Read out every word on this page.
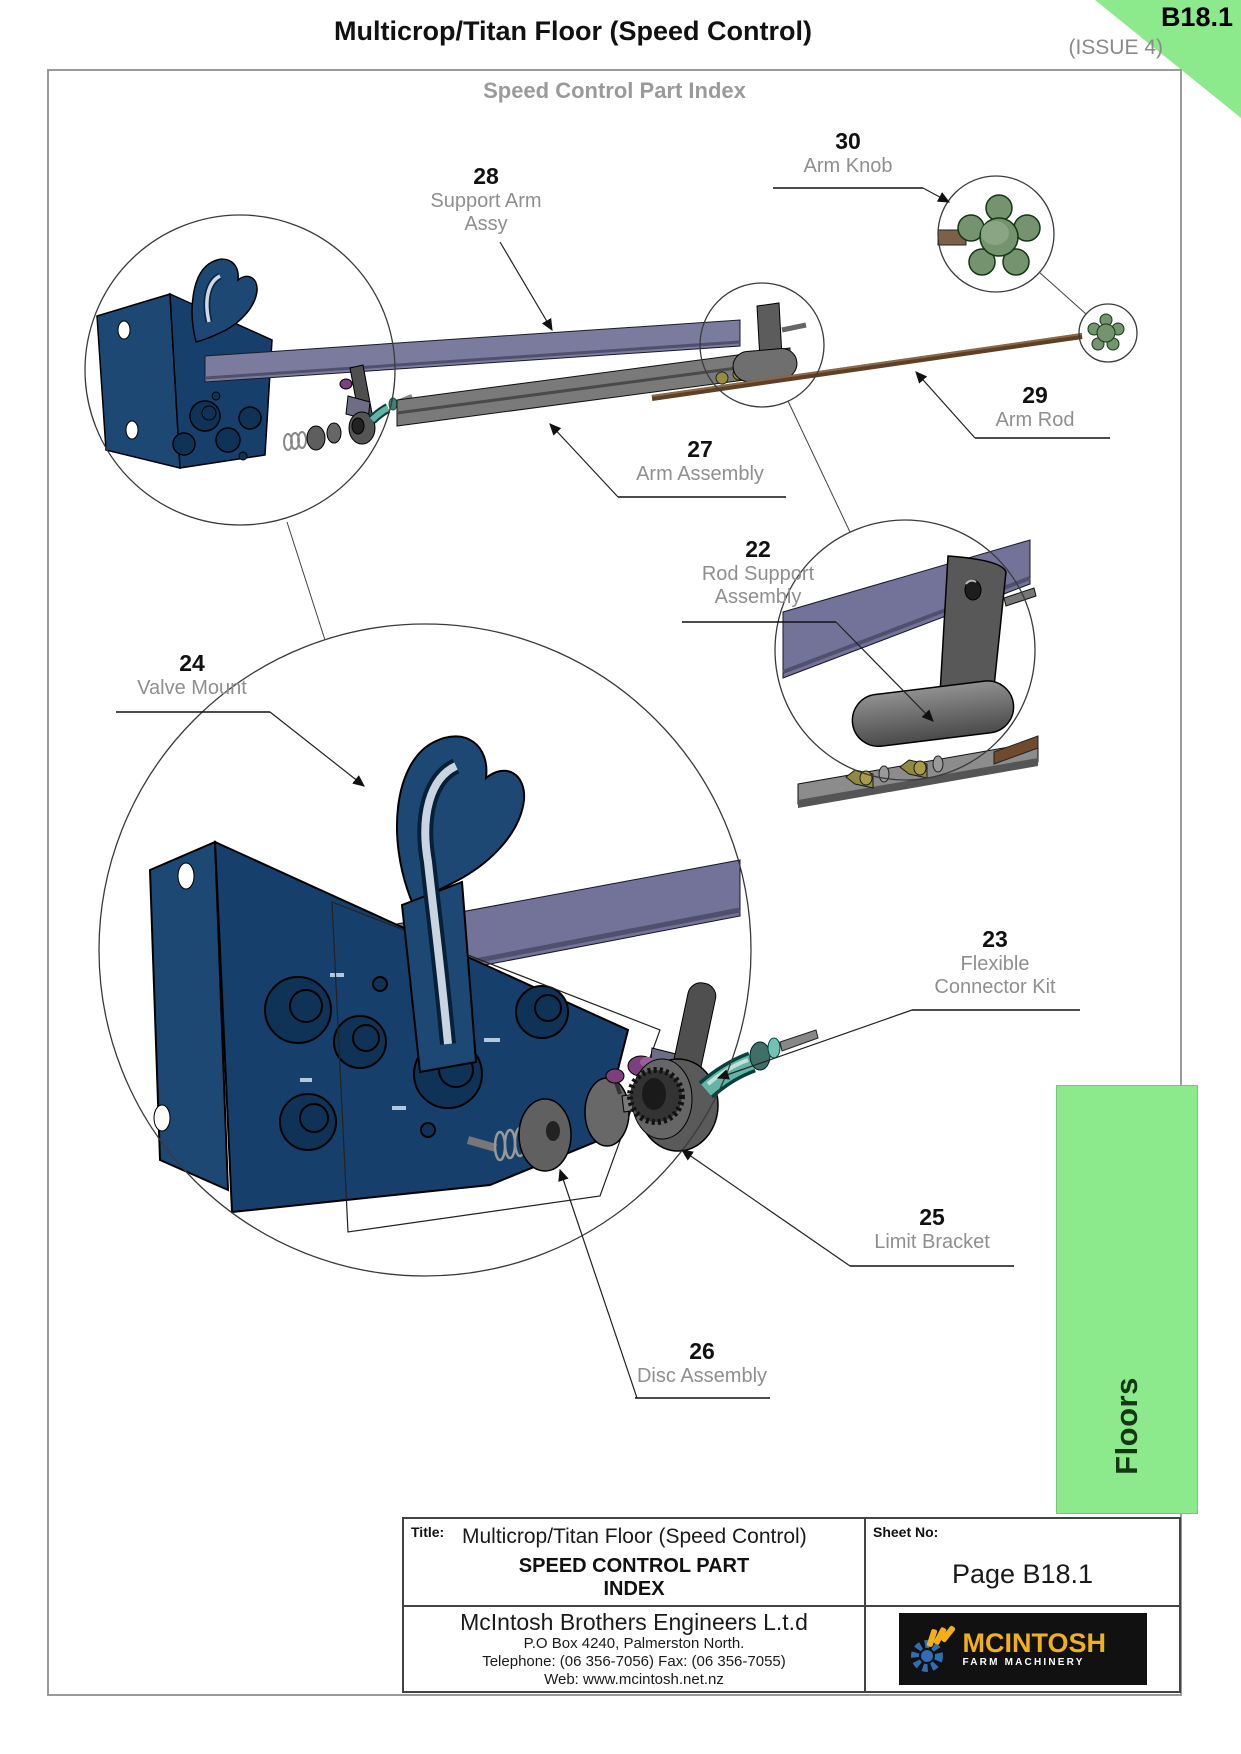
Multicrop/Titan Floor (Speed Control)
(ISSUE 4)
B18.1
Speed Control Part Index
28
Support Arm
Assy
30
Arm Knob
29
Arm Rod
27
Arm Assembly
22
Rod Support
Assembly
24
Valve Mount
23
Flexible
Connector Kit
25
Limit Bracket
26
Disc Assembly
Floors
Title: Multicrop/Titan Floor (Speed Control)
SPEED CONTROL PART
INDEX
Sheet No:
Page B18.1
McIntosh Brothers Engineers L.t.d
P.O Box 4240, Palmerston North.
Telephone: (06 356-7056) Fax: (06 356-7055)
Web: www.mcintosh.net.nz
MCINTOSH
FARM MACHINERY
